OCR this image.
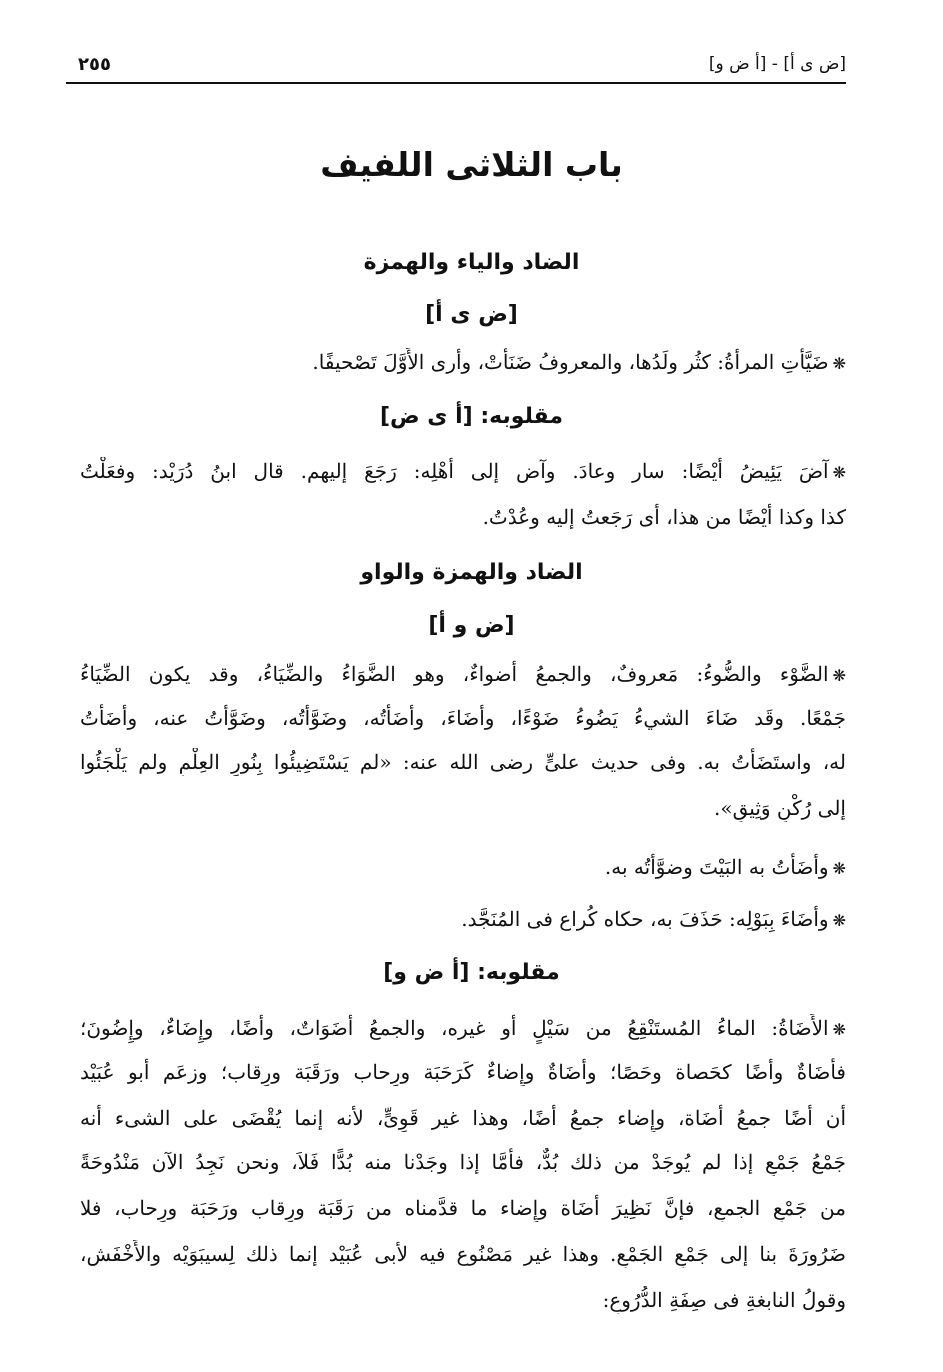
[ض ى أ] - [أ ض و]
٢٥٥
باب الثلاثى اللفيف
الضاد والياء والهمزة
[ض ى أ]
❋ضَيَّأَتِ المرأةُ: كثُر ولَدُها، والمعروفُ ضَنَأَتْ، وأرى الأَوَّلَ تَصْحيفًا.
مقلوبه: [أ ى ض]
❋آضَ يَئِيضُ أَيْضًا: سار وعادَ. وآض إلى أهْلِه: رَجَعَ إليهم. قال ابنُ دُرَيْد: وفعَلْتُ
كذا وكذا أَيْضًا من هذا، أى رَجَعتُ إليه وعُدْتُ.
الضاد والهمزة والواو
[ض و أ]
❋الضَّوْء والضُّوءُ: مَعروفٌ، والجمعُ أضواءٌ، وهو الضَّوَاءُ والضِّيَاءُ، وقد يكون الضِّيَاءُ
جَمْعًا. وقَد ضَاءَ الشيءُ يَضُوءُ ضَوْءًا، وأَضَاءَ، وأَضَأْتُه، وضَوَّأْتُه، وضَوَّأْتُ عنه، وأَضَأْتُ
له، واستَضَأْتُ به. وفى حديث علىٍّ رضى الله عنه: «لم يَسْتَضِيئُوا بِنُورِ العِلْمِ ولم يَلْجَئُوا
إلى رُكْنٍ وَثِيقٍ».
❋وأضَأْتُ به البَيْتَ وضوَّأْتُه به.
❋وأضَاءَ بِبَوْلِه: حَذَفَ به، حكاه كُراع فى المُنَجَّد.
مقلوبه: [أ ض و]
❋الأَضَاةُ: الماءُ المُستَنْقِعُ من سَيْلٍ أو غيره، والجمعُ أَضَوَاتٌ، وأَضًا، وإِضَاءٌ، وإِضُونَ؛
فأَضَاةٌ وأَضًا كحَصاة وحَصًا؛ وأَضَاةٌ وإِضاءٌ كَرَحَبَة ورِحاب ورَقَبَة ورِقاب؛ وزعَم أبو عُبَيْد
أن أضًا جمعُ أَضَاة، وإِضاء جمعُ أَضًا، وهذا غير قَوِىٍّ، لأنه إنما يُقْضَى على الشىء أنه
جَمْعُ جَمْعٍ إذا لم يُوجَدْ من ذلك بُدٌّ، فأَمَّا إذا وجَدْنا منه بُدًّا فَلاَ، ونحن نَجِدُ الآن مَنْدُوحَةً
من جَمْعِ الجمعِ، فإنَّ نَظِيرَ أَضَاة وإِضاء ما قدَّمناه من رَقَبَة ورِقاب ورَحَبَة ورِحاب، فلا
ضَرُورَةَ بنا إلى جَمْعِ الجَمْعِ. وهذا غير مَصْنُوع فيه لأبى عُبَيْد إنما ذلك لِسيبَوَيْه والأَخْفَش،
وقولُ النابغةِ فى صِفَةِ الدُّرُوعِ:
